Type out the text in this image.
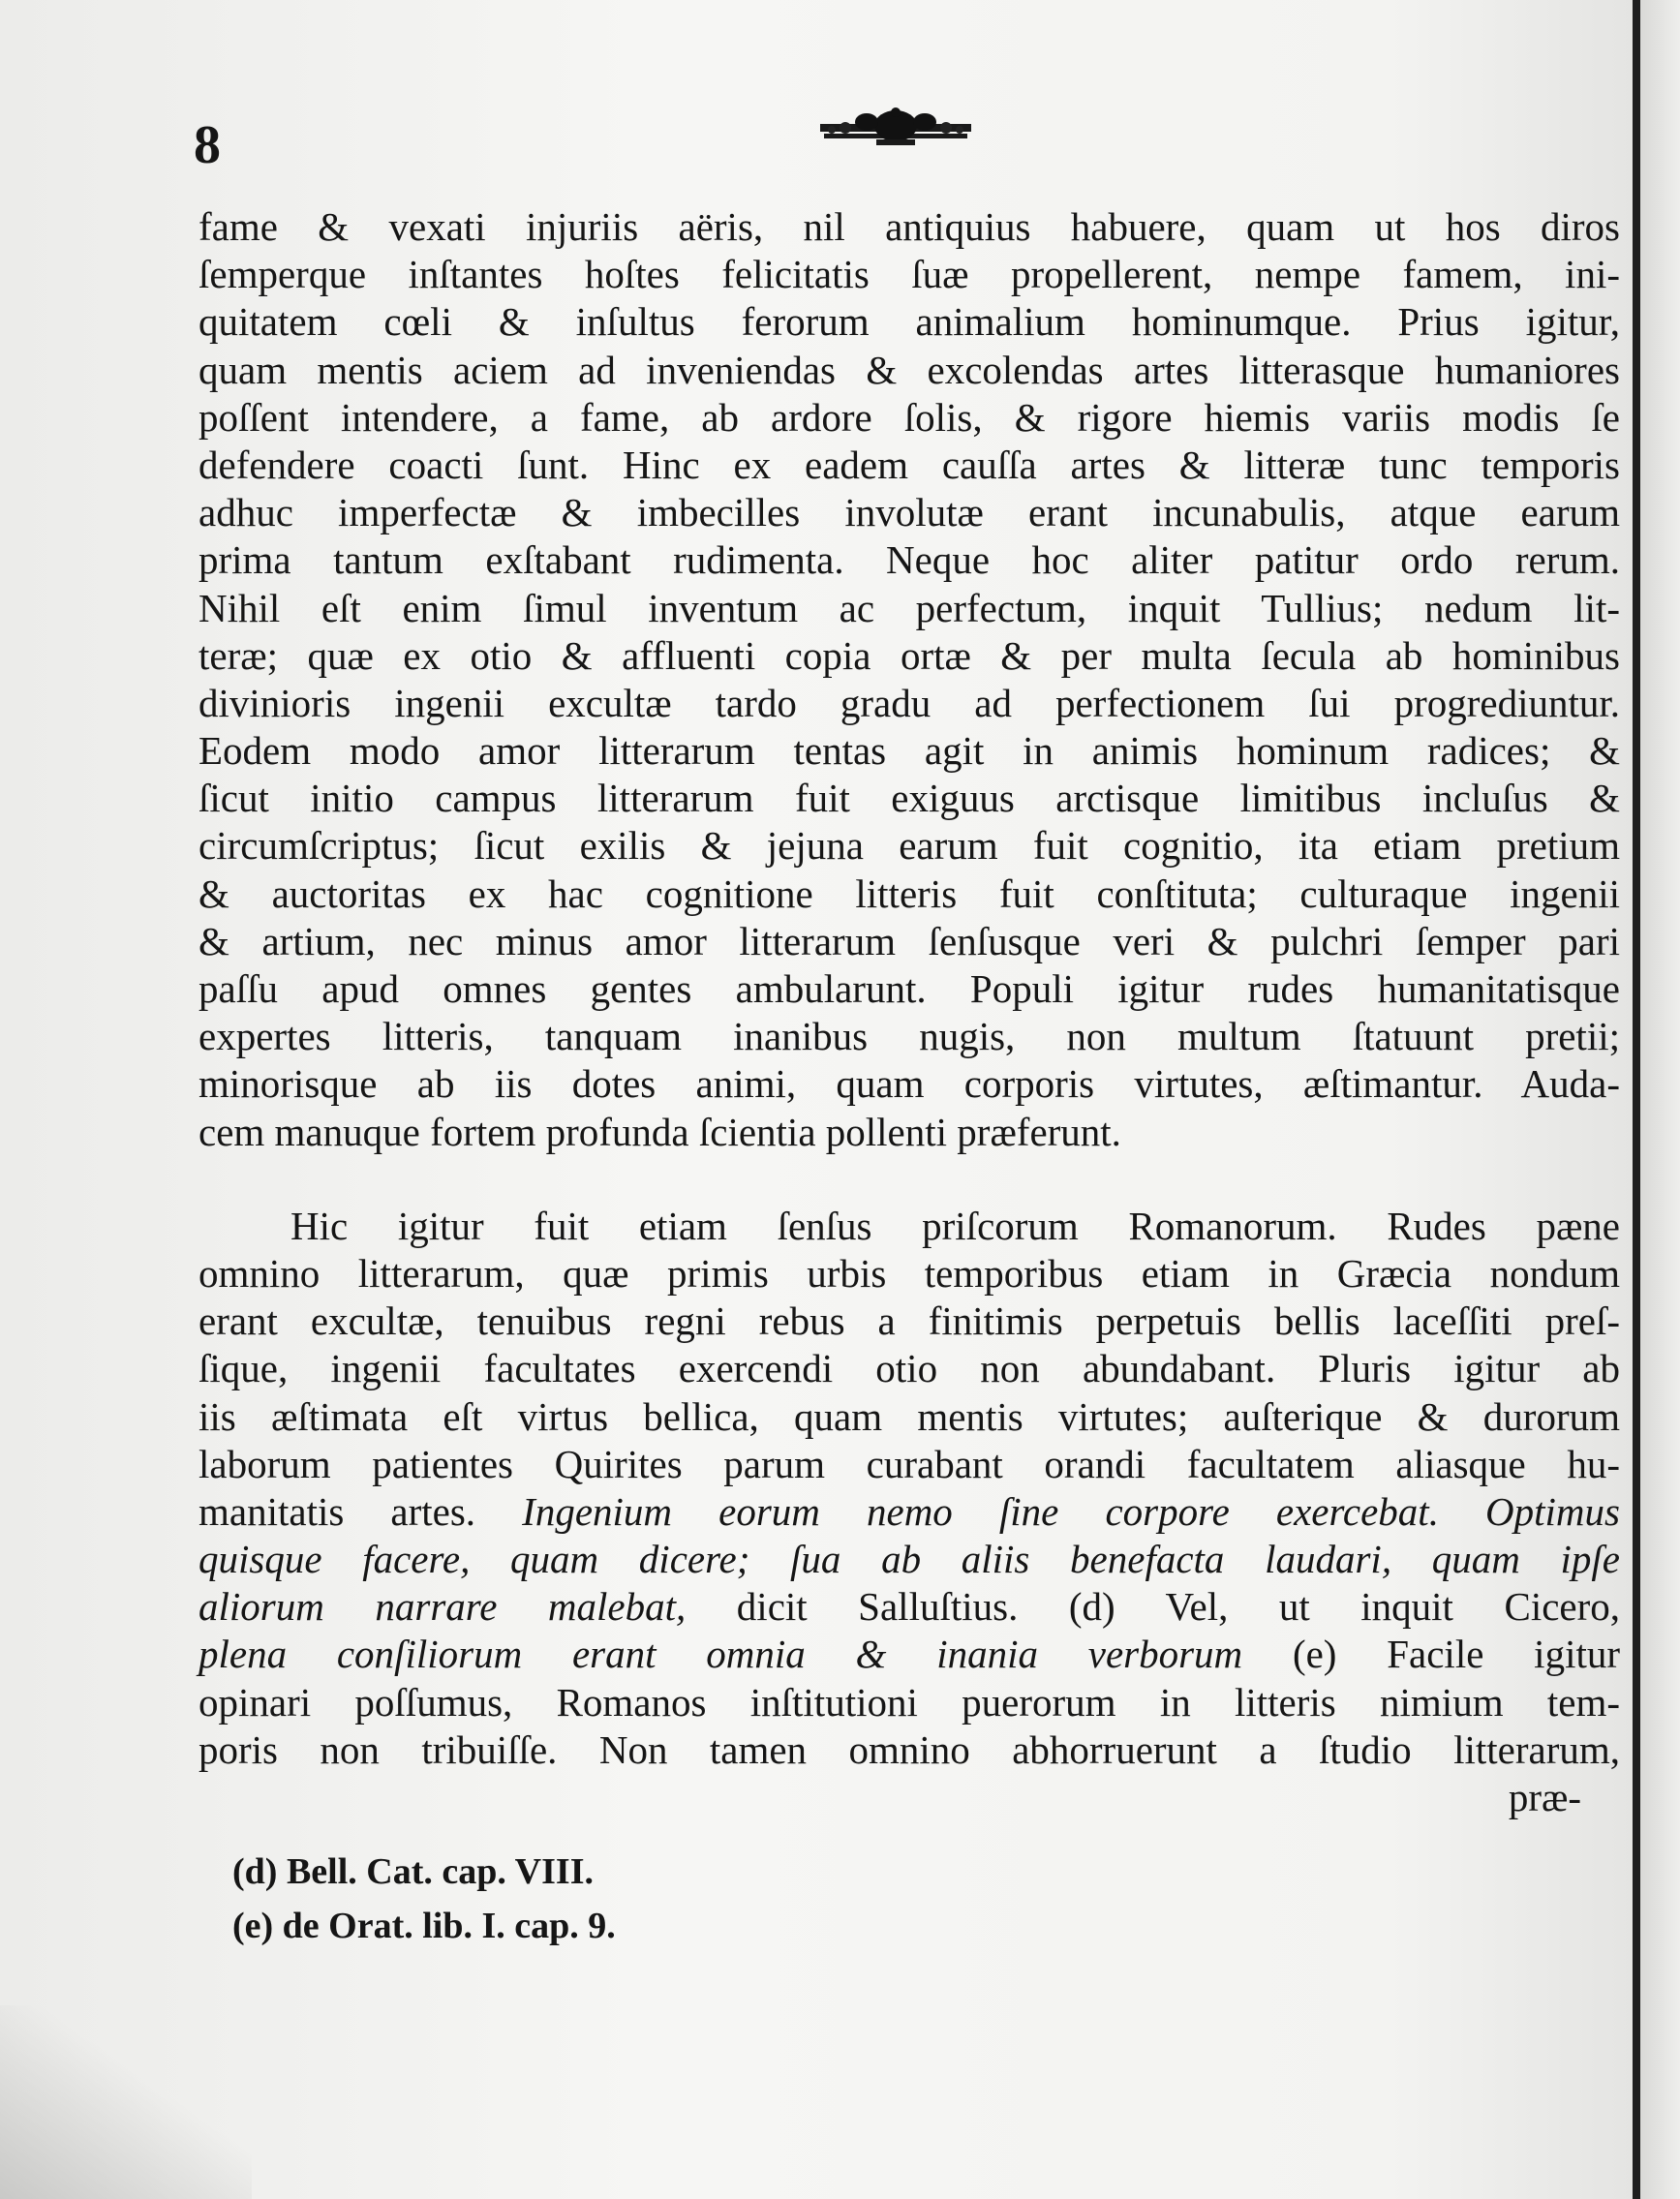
8
fame & vexati injuriis aëris, nil antiquius habuere, quam ut hos diros
ſemperque inſtantes hoſtes felicitatis ſuæ propellerent, nempe famem, ini-
quitatem cœli & inſultus ferorum animalium hominumque. Prius igitur,
quam mentis aciem ad inveniendas & excolendas artes litterasque humaniores
poſſent intendere, a fame, ab ardore ſolis, & rigore hiemis variis modis ſe
defendere coacti ſunt. Hinc ex eadem cauſſa artes & litteræ tunc temporis
adhuc imperfectæ & imbecilles involutæ erant incunabulis, atque earum
prima tantum exſtabant rudimenta. Neque hoc aliter patitur ordo rerum.
Nihil eſt enim ſimul inventum ac perfectum, inquit Tullius; nedum lit-
teræ; quæ ex otio & affluenti copia ortæ & per multa ſecula ab hominibus
divinioris ingenii excultæ tardo gradu ad perfectionem ſui progrediuntur.
Eodem modo amor litterarum tentas agit in animis hominum radices; &
ſicut initio campus litterarum fuit exiguus arctisque limitibus incluſus &
circumſcriptus; ſicut exilis & jejuna earum fuit cognitio, ita etiam pretium
& auctoritas ex hac cognitione litteris fuit conſtituta; culturaque ingenii
& artium, nec minus amor litterarum ſenſusque veri & pulchri ſemper pari
paſſu apud omnes gentes ambularunt. Populi igitur rudes humanitatisque
expertes litteris, tanquam inanibus nugis, non multum ſtatuunt pretii;
minorisque ab iis dotes animi, quam corporis virtutes, æſtimantur. Auda-
cem manuque fortem profunda ſcientia pollenti præferunt.
Hic igitur fuit etiam ſenſus priſcorum Romanorum. Rudes pæne
omnino litterarum, quæ primis urbis temporibus etiam in Græcia nondum
erant excultæ, tenuibus regni rebus a finitimis perpetuis bellis laceſſiti preſ-
ſique, ingenii facultates exercendi otio non abundabant. Pluris igitur ab
iis æſtimata eſt virtus bellica, quam mentis virtutes; auſterique & durorum
laborum patientes Quirites parum curabant orandi facultatem aliasque hu-
manitatis artes. Ingenium eorum nemo ſine corpore exercebat. Optimus
quisque facere, quam dicere; ſua ab aliis benefacta laudari, quam ipſe
aliorum narrare malebat, dicit Salluſtius. (d) Vel, ut inquit Cicero,
plena conſiliorum erant omnia & inania verborum (e) Facile igitur
opinari poſſumus, Romanos inſtitutioni puerorum in litteris nimium tem-
poris non tribuiſſe. Non tamen omnino abhorruerunt a ſtudio litterarum,
præ-
(d) Bell. Cat. cap. VIII.
(e) de Orat. lib. I. cap. 9.
